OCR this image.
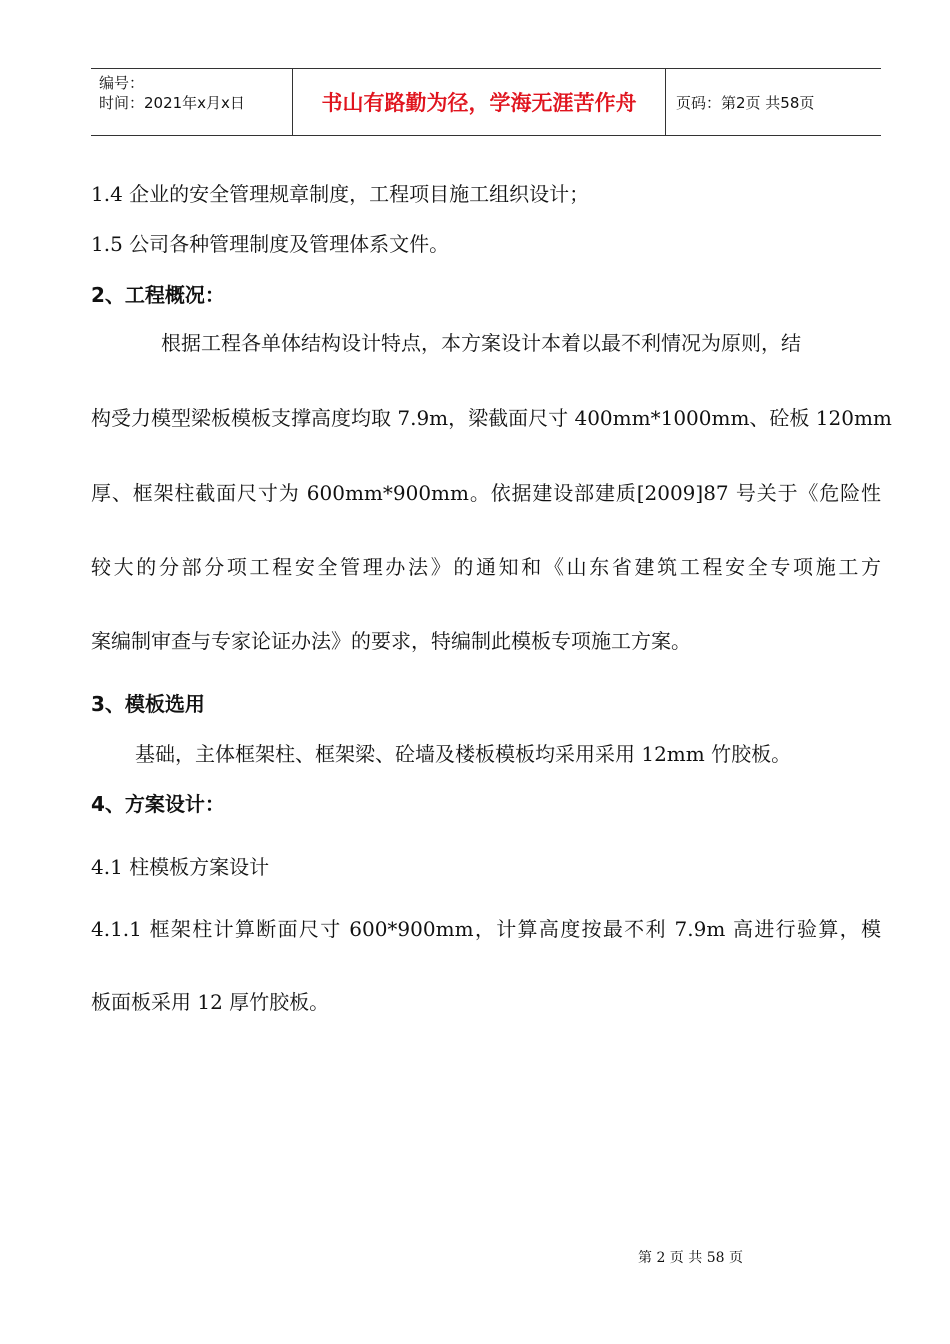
编号：
时间：2021年x月x日	书山有路勤为径，学海无涯苦作舟	页码：第2页 共58页
1.4 企业的安全管理规章制度，工程项目施工组织设计；
1.5 公司各种管理制度及管理体系文件。
2、工程概况：
根据工程各单体结构设计特点，本方案设计本着以最不利情况为原则，结
构受力模型梁板模板支撑高度均取 7.9m，梁截面尺寸 400mm*1000mm、砼板 120mm
厚、框架柱截面尺寸为 600mm*900mm。依据建设部建质[2009]87 号关于《危险性
较大的分部分项工程安全管理办法》的通知和《山东省建筑工程安全专项施工方
案编制审查与专家论证办法》的要求，特编制此模板专项施工方案。
3、模板选用
基础，主体框架柱、框架梁、砼墙及楼板模板均采用采用 12mm 竹胶板。
4、方案设计：
4.1 柱模板方案设计
4.1.1 框架柱计算断面尺寸 600*900mm，计算高度按最不利 7.9m 高进行验算，模
板面板采用 12 厚竹胶板。
第 2 页 共 58 页
